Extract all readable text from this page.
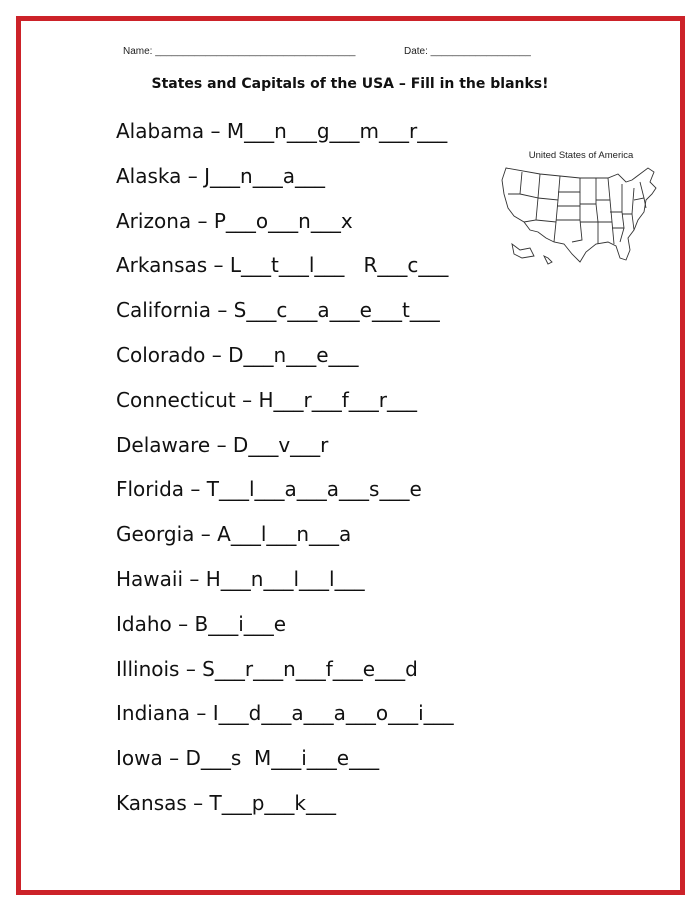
Name: ____________________________________	Date: __________________
States and Capitals of the USA – Fill in the blanks!
United States of America
Alabama – M___n___g___m___r___
Alaska – J___n___a___
Arizona – P___o___n___x
Arkansas – L___t___l___   R___c___
California – S___c___a___e___t___
Colorado – D___n___e___
Connecticut – H___r___f___r___
Delaware – D___v___r
Florida – T___l___a___a___s___e
Georgia – A___l___n___a
Hawaii – H___n___l___l___
Idaho – B___i___e
Illinois – S___r___n___f___e___d
Indiana – I___d___a___a___o___i___
Iowa – D___s  M___i___e___
Kansas – T___p___k___
